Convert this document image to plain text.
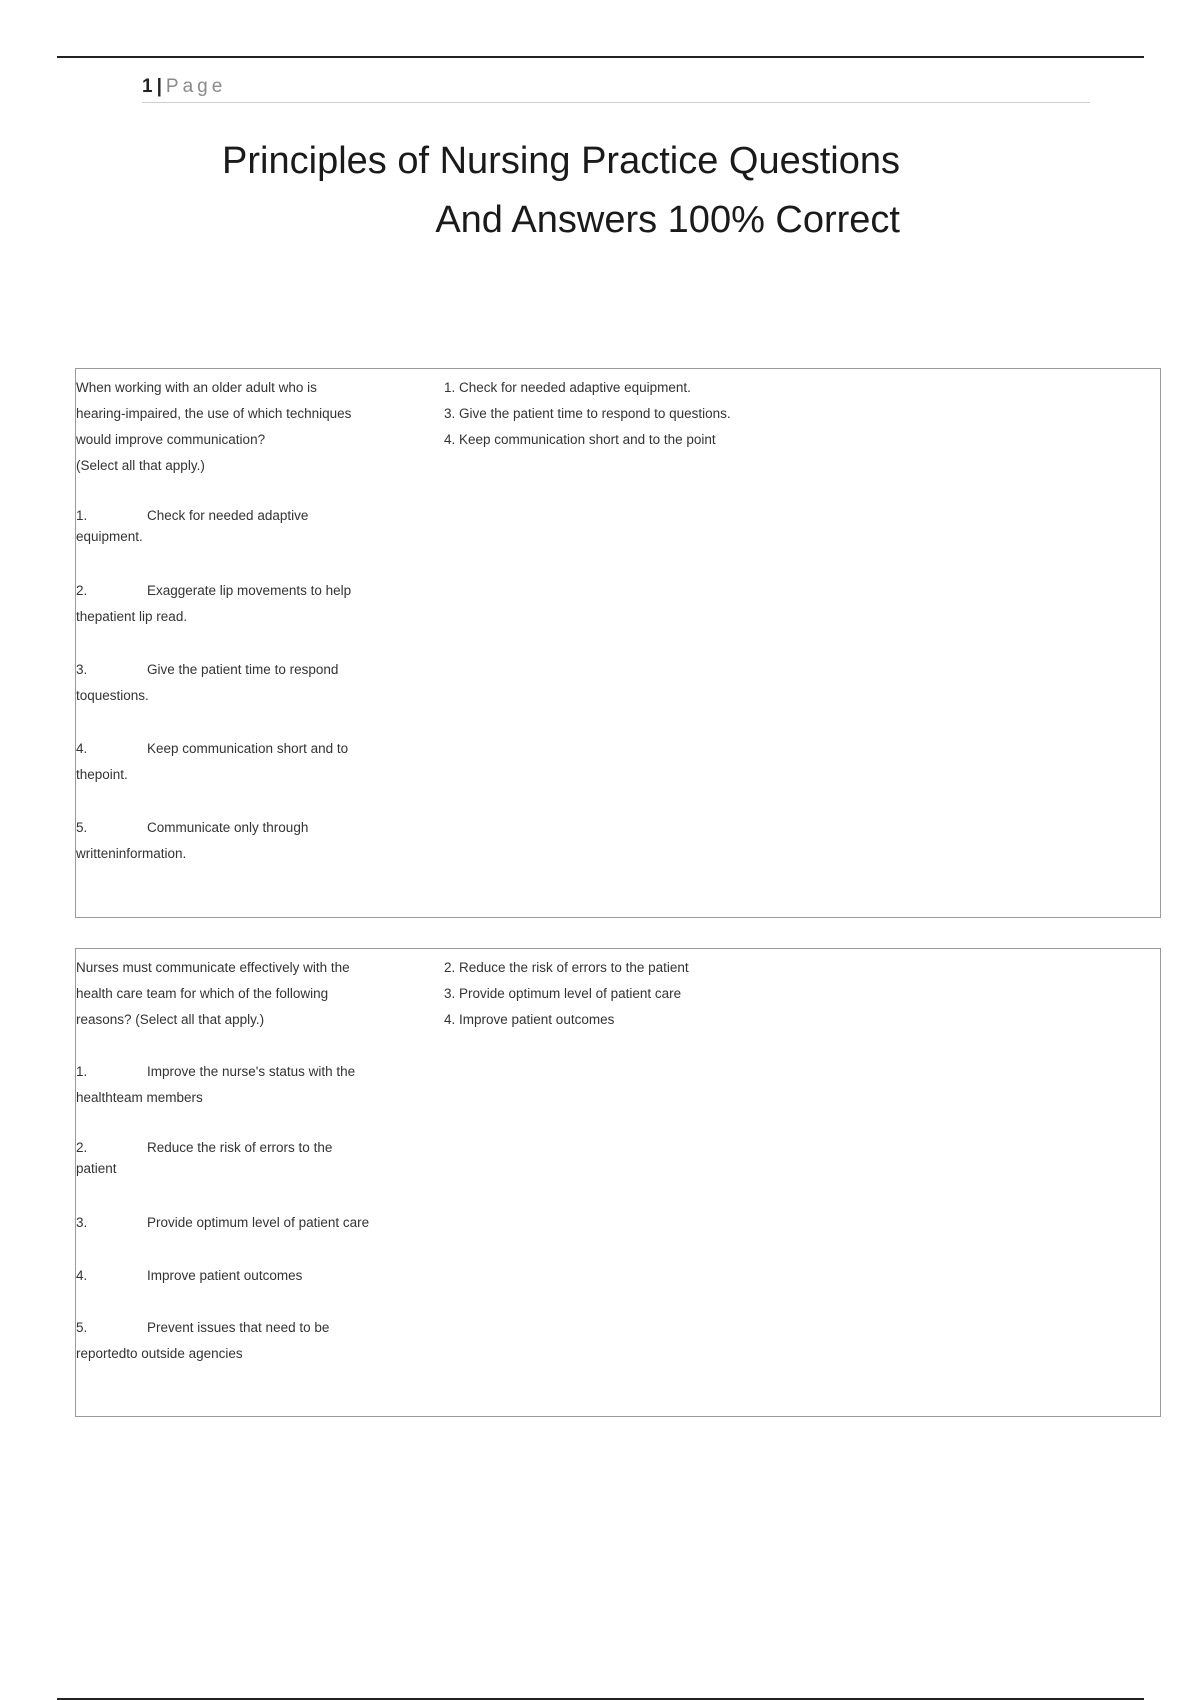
1 | Page
Principles of Nursing Practice Questions
And Answers 100% Correct
When working with an older adult who is
hearing-impaired, the use of which techniques
would improve communication?
(Select all that apply.)
1.	Check for needed adaptive
equipment.
2.	Exaggerate lip movements to help
thepatient lip read.
3.	Give the patient time to respond
toquestions.
4.	Keep communication short and to
thepoint.
5.	Communicate only through
writteninformation.
1. Check for needed adaptive equipment.
3. Give the patient time to respond to questions.
4. Keep communication short and to the point
Nurses must communicate effectively with the
health care team for which of the following
reasons? (Select all that apply.)
1.	Improve the nurse's status with the
healthteam members
2.	Reduce the risk of errors to the
patient
3.	Provide optimum level of patient care
4.	Improve patient outcomes
5.	Prevent issues that need to be
reportedto outside agencies
2. Reduce the risk of errors to the patient
3. Provide optimum level of patient care
4. Improve patient outcomes
